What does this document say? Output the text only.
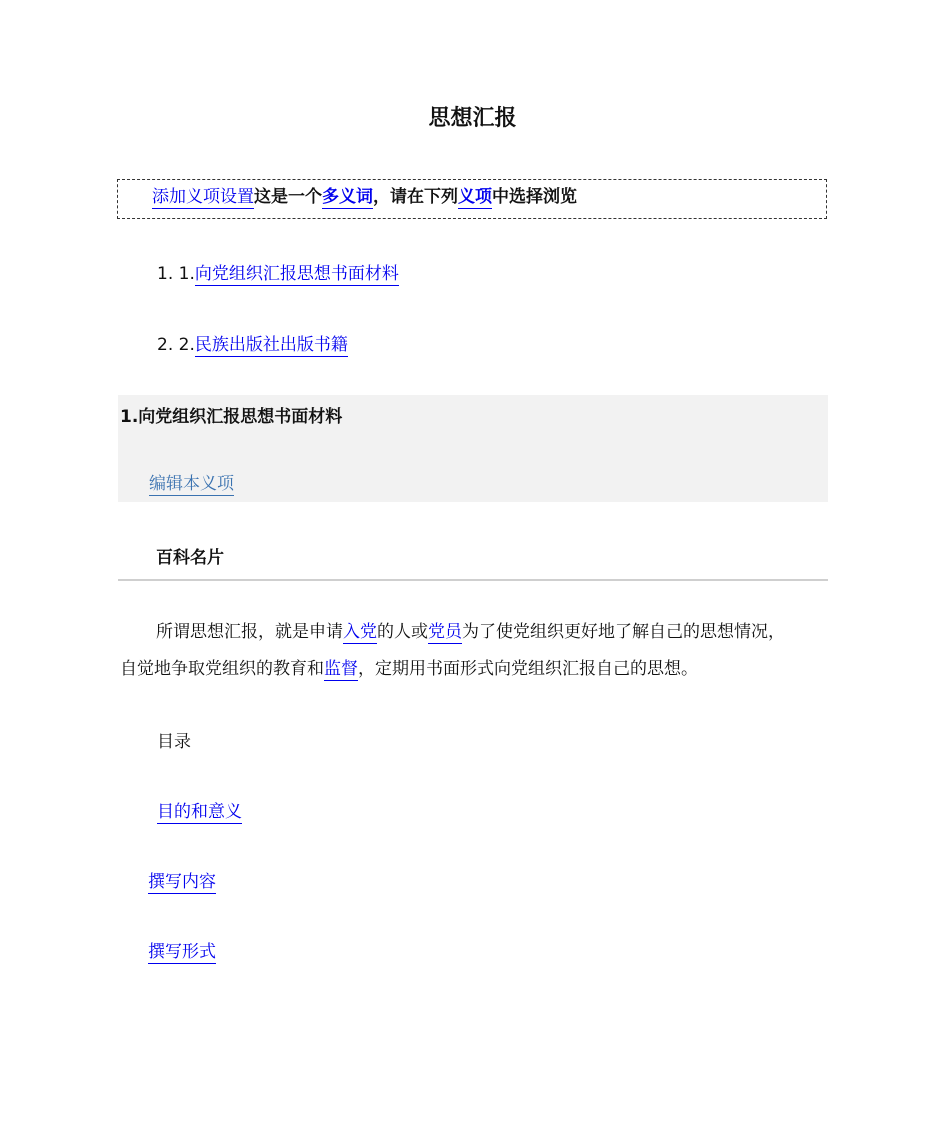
思想汇报
添加义项设置这是一个多义词，请在下列义项中选择浏览
1. 1.向党组织汇报思想书面材料
2. 2.民族出版社出版书籍
1.向党组织汇报思想书面材料
编辑本义项
百科名片
所谓思想汇报，就是申请入党的人或党员为了使党组织更好地了解自己的思想情况，
自觉地争取党组织的教育和监督，定期用书面形式向党组织汇报自己的思想。
目录
目的和意义
撰写内容
撰写形式
